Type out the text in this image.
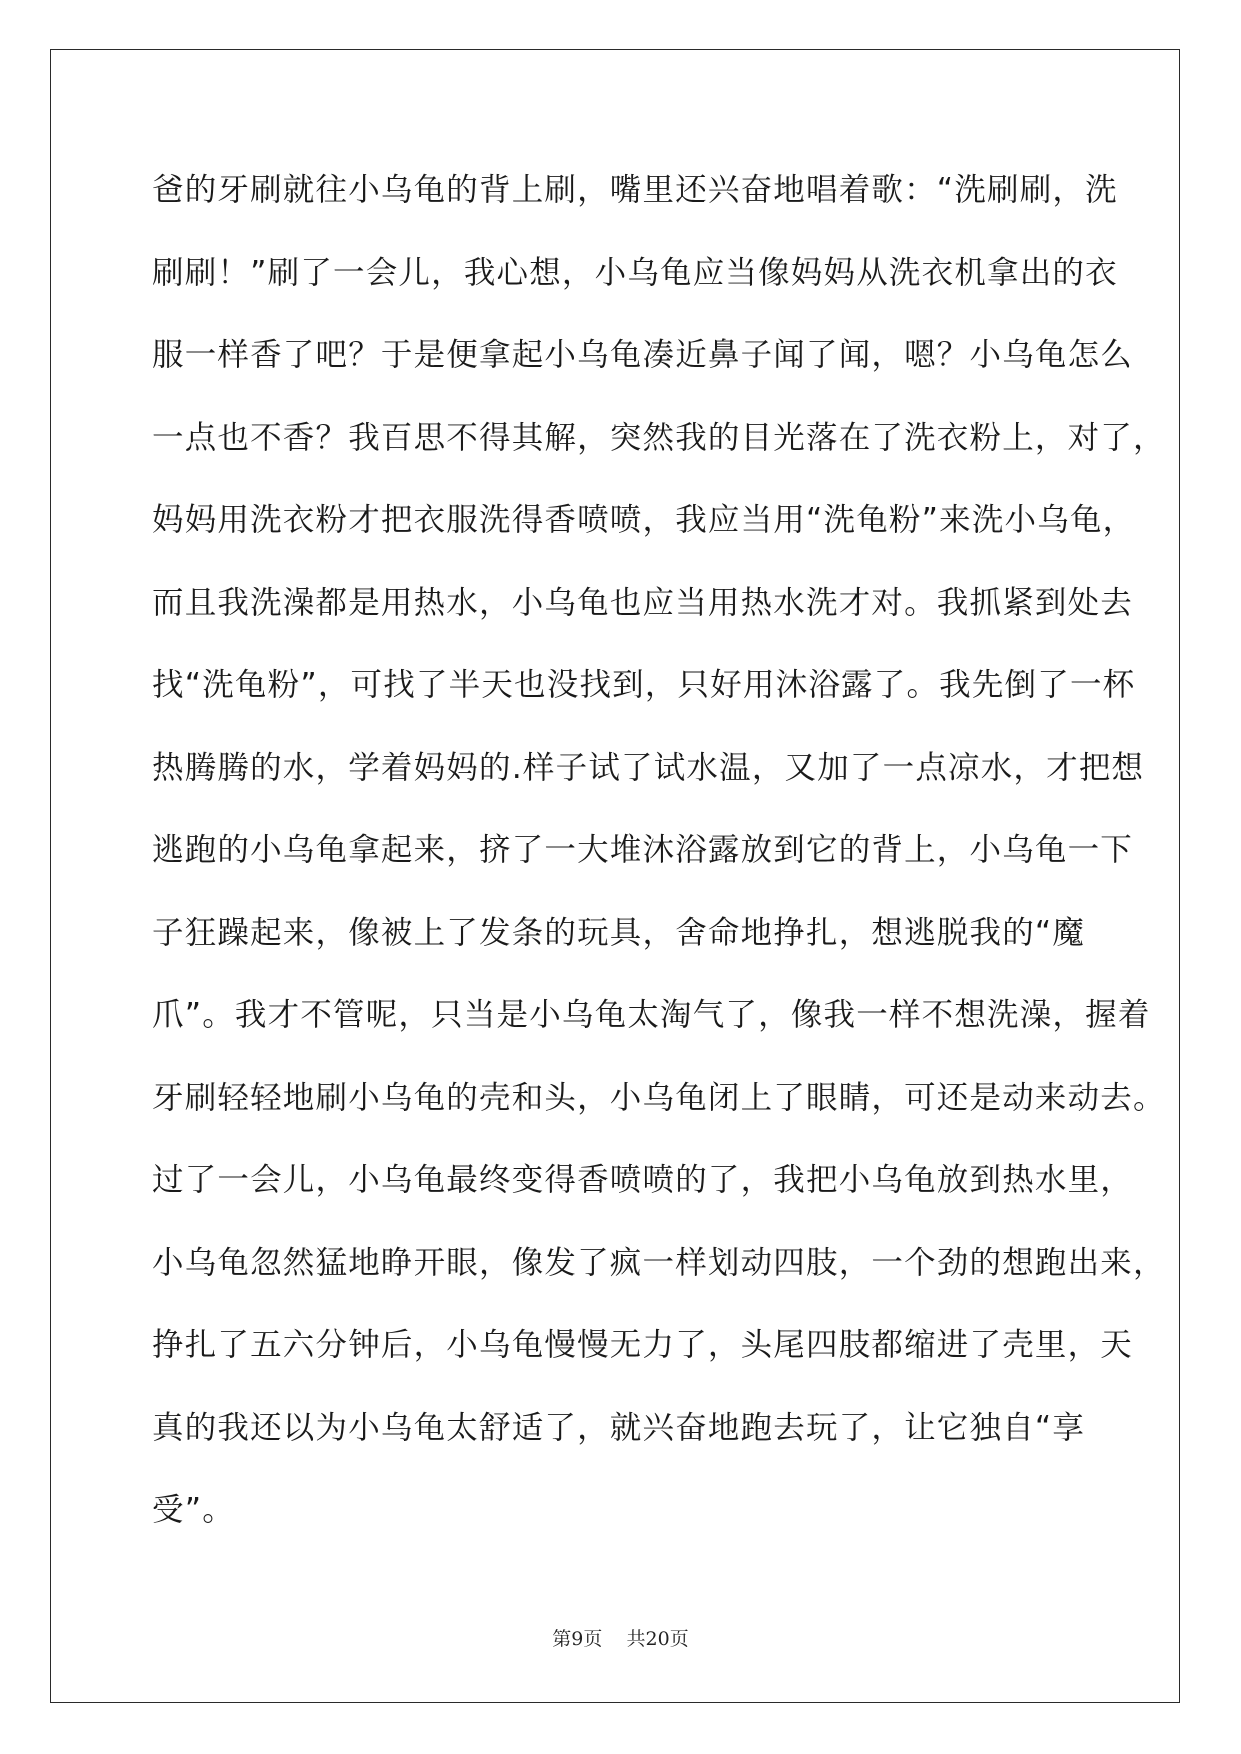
爸的牙刷就往小乌龟的背上刷，嘴里还兴奋地唱着歌：“洗刷刷，洗
刷刷！”刷了一会儿，我心想，小乌龟应当像妈妈从洗衣机拿出的衣
服一样香了吧？于是便拿起小乌龟凑近鼻子闻了闻，嗯？小乌龟怎么
一点也不香？我百思不得其解，突然我的目光落在了洗衣粉上，对了，
妈妈用洗衣粉才把衣服洗得香喷喷，我应当用“洗龟粉”来洗小乌龟，
而且我洗澡都是用热水，小乌龟也应当用热水洗才对。我抓紧到处去
找“洗龟粉”，可找了半天也没找到，只好用沐浴露了。我先倒了一杯
热腾腾的水，学着妈妈的.样子试了试水温，又加了一点凉水，才把想
逃跑的小乌龟拿起来，挤了一大堆沐浴露放到它的背上，小乌龟一下
子狂躁起来，像被上了发条的玩具，舍命地挣扎，想逃脱我的“魔
爪”。我才不管呢，只当是小乌龟太淘气了，像我一样不想洗澡，握着
牙刷轻轻地刷小乌龟的壳和头，小乌龟闭上了眼睛，可还是动来动去。
过了一会儿，小乌龟最终变得香喷喷的了，我把小乌龟放到热水里，
小乌龟忽然猛地睁开眼，像发了疯一样划动四肢，一个劲的想跑出来，
挣扎了五六分钟后，小乌龟慢慢无力了，头尾四肢都缩进了壳里，天
真的我还以为小乌龟太舒适了，就兴奋地跑去玩了，让它独自“享
受”。
第9页 共20页
